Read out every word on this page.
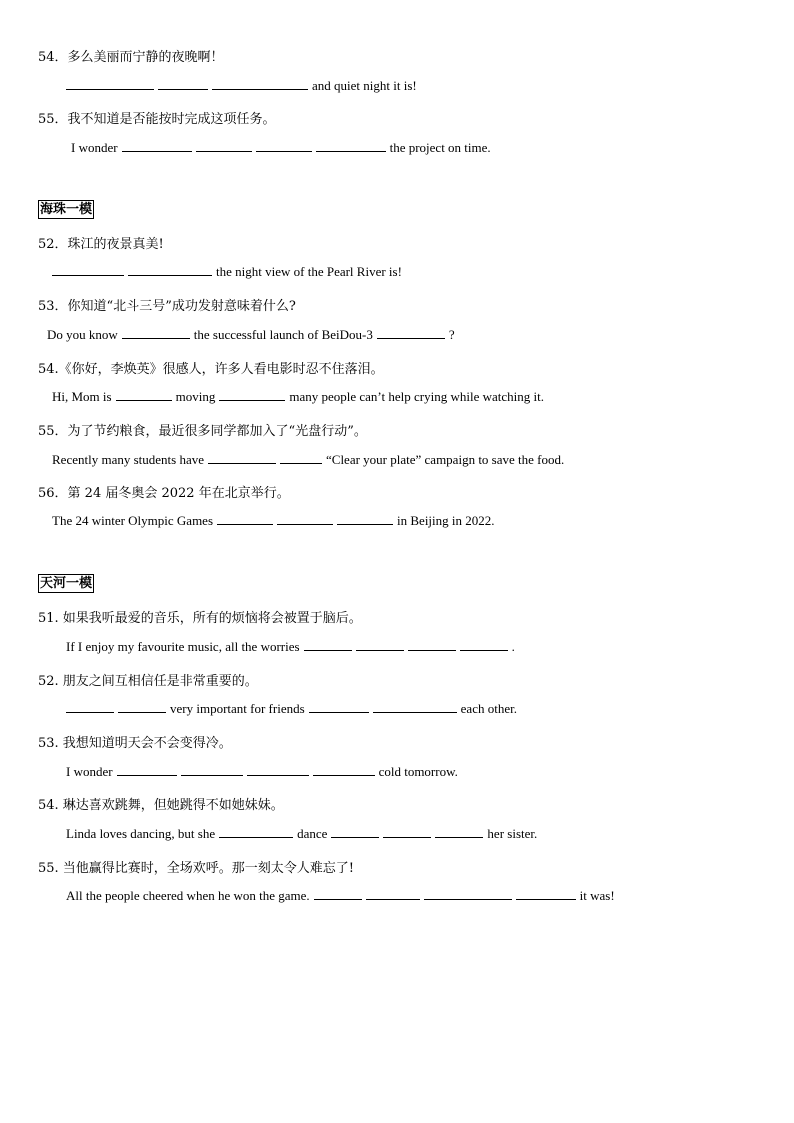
54．多么美丽而宁静的夜晚啊！
and quiet night it is!
55．我不知道是否能按时完成这项任务。
I wonder	the project on time.
海珠一模
52．珠江的夜景真美!
the night view of the Pearl River is!
53．你知道“北斗三号”成功发射意味着什么?
Do you know	the successful launch of BeiDou-3	?
54.《你好，李焕英》很感人，许多人看电影时忍不住落泪。
Hi, Mom is	moving	many people can’t help crying while watching it.
55．为了节约粮食，最近很多同学都加入了“光盘行动”。
Recently many students have	“Clear your plate” campaign to save the food.
56．第 24 届冬奥会 2022 年在北京举行。
The 24 winter Olympic Games	in Beijing in 2022.
天河一模
51. 如果我听最爱的音乐，所有的烦恼将会被置于脑后。
If I enjoy my favourite music, all the worries	.
52. 朋友之间互相信任是非常重要的。
very important for friends	each other.
53. 我想知道明天会不会变得冷。
I wonder	cold tomorrow.
54. 琳达喜欢跳舞，但她跳得不如她妹妹。
Linda loves dancing, but she	dance	her sister.
55. 当他赢得比赛时，全场欢呼。那一刻太令人难忘了!
All the people cheered when he won the game.	it was!
